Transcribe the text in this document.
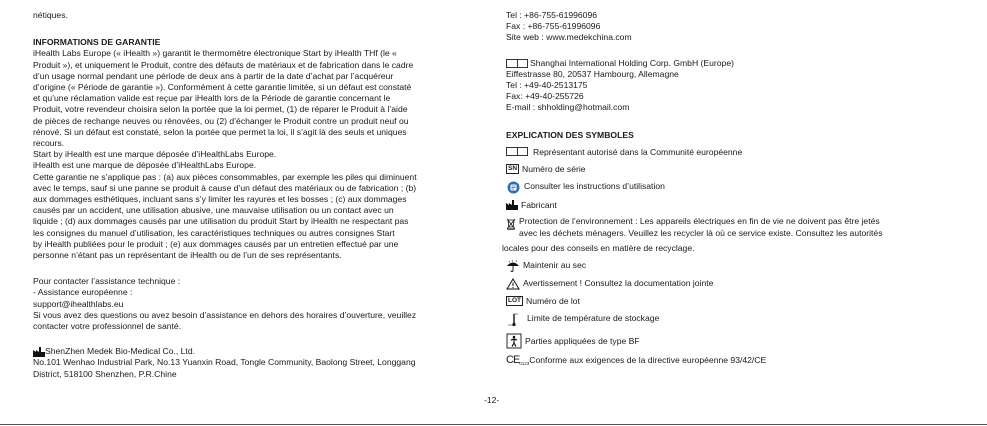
nétiques.

INFORMATIONS DE GARANTIE

iHealth Labs Europe (« iHealth ») garantit le thermomètre électronique Start by iHealth THf (le «

Produit »), et uniquement le Produit, contre des défauts de matériaux et de fabrication dans le cadre

d’un usage normal pendant une période de deux ans à partir de la date d’achat par l’acquéreur

d’origine (« Période de garantie »). Conformément à cette garantie limitée, si un défaut est constaté

et qu’une réclamation valide est reçue par iHealth lors de la Période de garantie concernant le

Produit, votre revendeur choisira selon la portée que la loi permet, (1) de réparer le Produit à l’aide

de pièces de rechange neuves ou rénovées, ou (2) d’échanger le Produit contre un produit neuf ou

rénové. Si un défaut est constaté, selon la portée que permet la loi, il s’agit là des seuls et uniques

recours.

Start by iHealth est une marque déposée d’iHealthLabs Europe.

iHealth est une marque de déposée d’iHealthLabs Europe.

Cette garantie ne s’applique pas : (a) aux pièces consommables, par exemple les piles qui diminuent

avec le temps, sauf si une panne se produit à cause d’un défaut des matériaux ou de fabrication ; (b)

aux dommages esthétiques, incluant sans s’y limiter les rayures et les bosses ; (c) aux dommages

causés par un accident, une utilisation abusive, une mauvaise utilisation ou un contact avec un

liquide ; (d) aux dommages causés par une utilisation du produit Start by iHealth ne respectant pas

les consignes du manuel d’utilisation, les caractéristiques techniques ou autres consignes Start

by iHealth publiées pour le produit ; (e) aux dommages causés par un entretien effectué par une

personne n’étant pas un représentant de iHealth ou de l’un de ses représentants.

Pour contacter l’assistance technique :

- Assistance européenne :

support@ihealthlabs.eu

Si vous avez des questions ou avez besoin d’assistance en dehors des horaires d’ouverture, veuillez

contacter votre professionnel de santé.

ShenZhen Medek Bio-Medical Co., Ltd.

No.101 Wenhao Industrial Park, No.13 Yuanxin Road, Tongle Community, Baolong Street, Longgang

District, 518100 Shenzhen, P.R.Chine

Tel : +86-755-61996096

Fax : +86-755-61996096

Site web : www.medekchina.com

Shanghai International Holding Corp. GmbH (Europe)

Eiffestrasse 80, 20537 Hambourg, Allemagne

Tel : +49-40-2513175

Fax: +49-40-255726

E-mail : shholding@hotmail.com

EXPLICATION DES SYMBOLES

Représentant autorisé dans la Communité européenne
SN Numéro de série
Consulter les instructions d’utilisation
Fabricant
Protection de l’environnement : Les appareils électriques en fin de vie ne doivent pas être jetés
avec les déchets ménagers. Veuillez les recycler là où ce service existe. Consultez les autorités

locales pour des conseils en matière de recyclage.

Maintenir au sec
Avertissement ! Consultez la documentation jointe
LOT Numéro de lot
Limite de température de stockage
Parties appliquées de type BF
CE 0123 Conforme aux exigences de la directive européenne 93/42/CE
-12-
